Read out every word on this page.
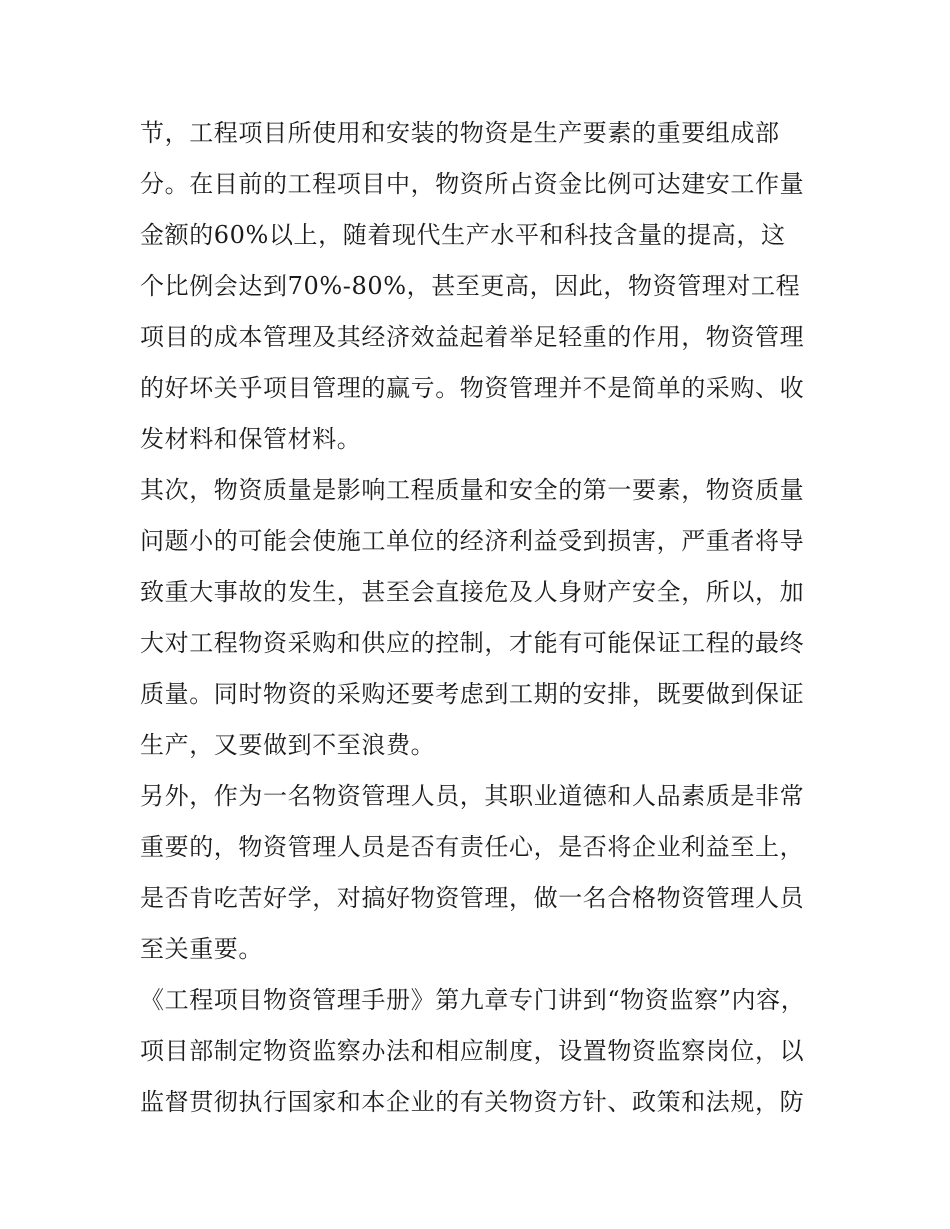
节，工程项目所使用和安装的物资是生产要素的重要组成部
分。在目前的工程项目中，物资所占资金比例可达建安工作量
金额的60%以上，随着现代生产水平和科技含量的提高，这
个比例会达到70%-80%，甚至更高，因此，物资管理对工程
项目的成本管理及其经济效益起着举足轻重的作用，物资管理
的好坏关乎项目管理的赢亏。物资管理并不是简单的采购、收
发材料和保管材料。
其次，物资质量是影响工程质量和安全的第一要素，物资质量
问题小的可能会使施工单位的经济利益受到损害，严重者将导
致重大事故的发生，甚至会直接危及人身财产安全，所以，加
大对工程物资采购和供应的控制，才能有可能保证工程的最终
质量。同时物资的采购还要考虑到工期的安排，既要做到保证
生产，又要做到不至浪费。
另外，作为一名物资管理人员，其职业道德和人品素质是非常
重要的，物资管理人员是否有责任心，是否将企业利益至上，
是否肯吃苦好学，对搞好物资管理，做一名合格物资管理人员
至关重要。
《工程项目物资管理手册》第九章专门讲到“物资监察”内容，
项目部制定物资监察办法和相应制度，设置物资监察岗位，以
监督贯彻执行国家和本企业的有关物资方针、政策和法规，防
